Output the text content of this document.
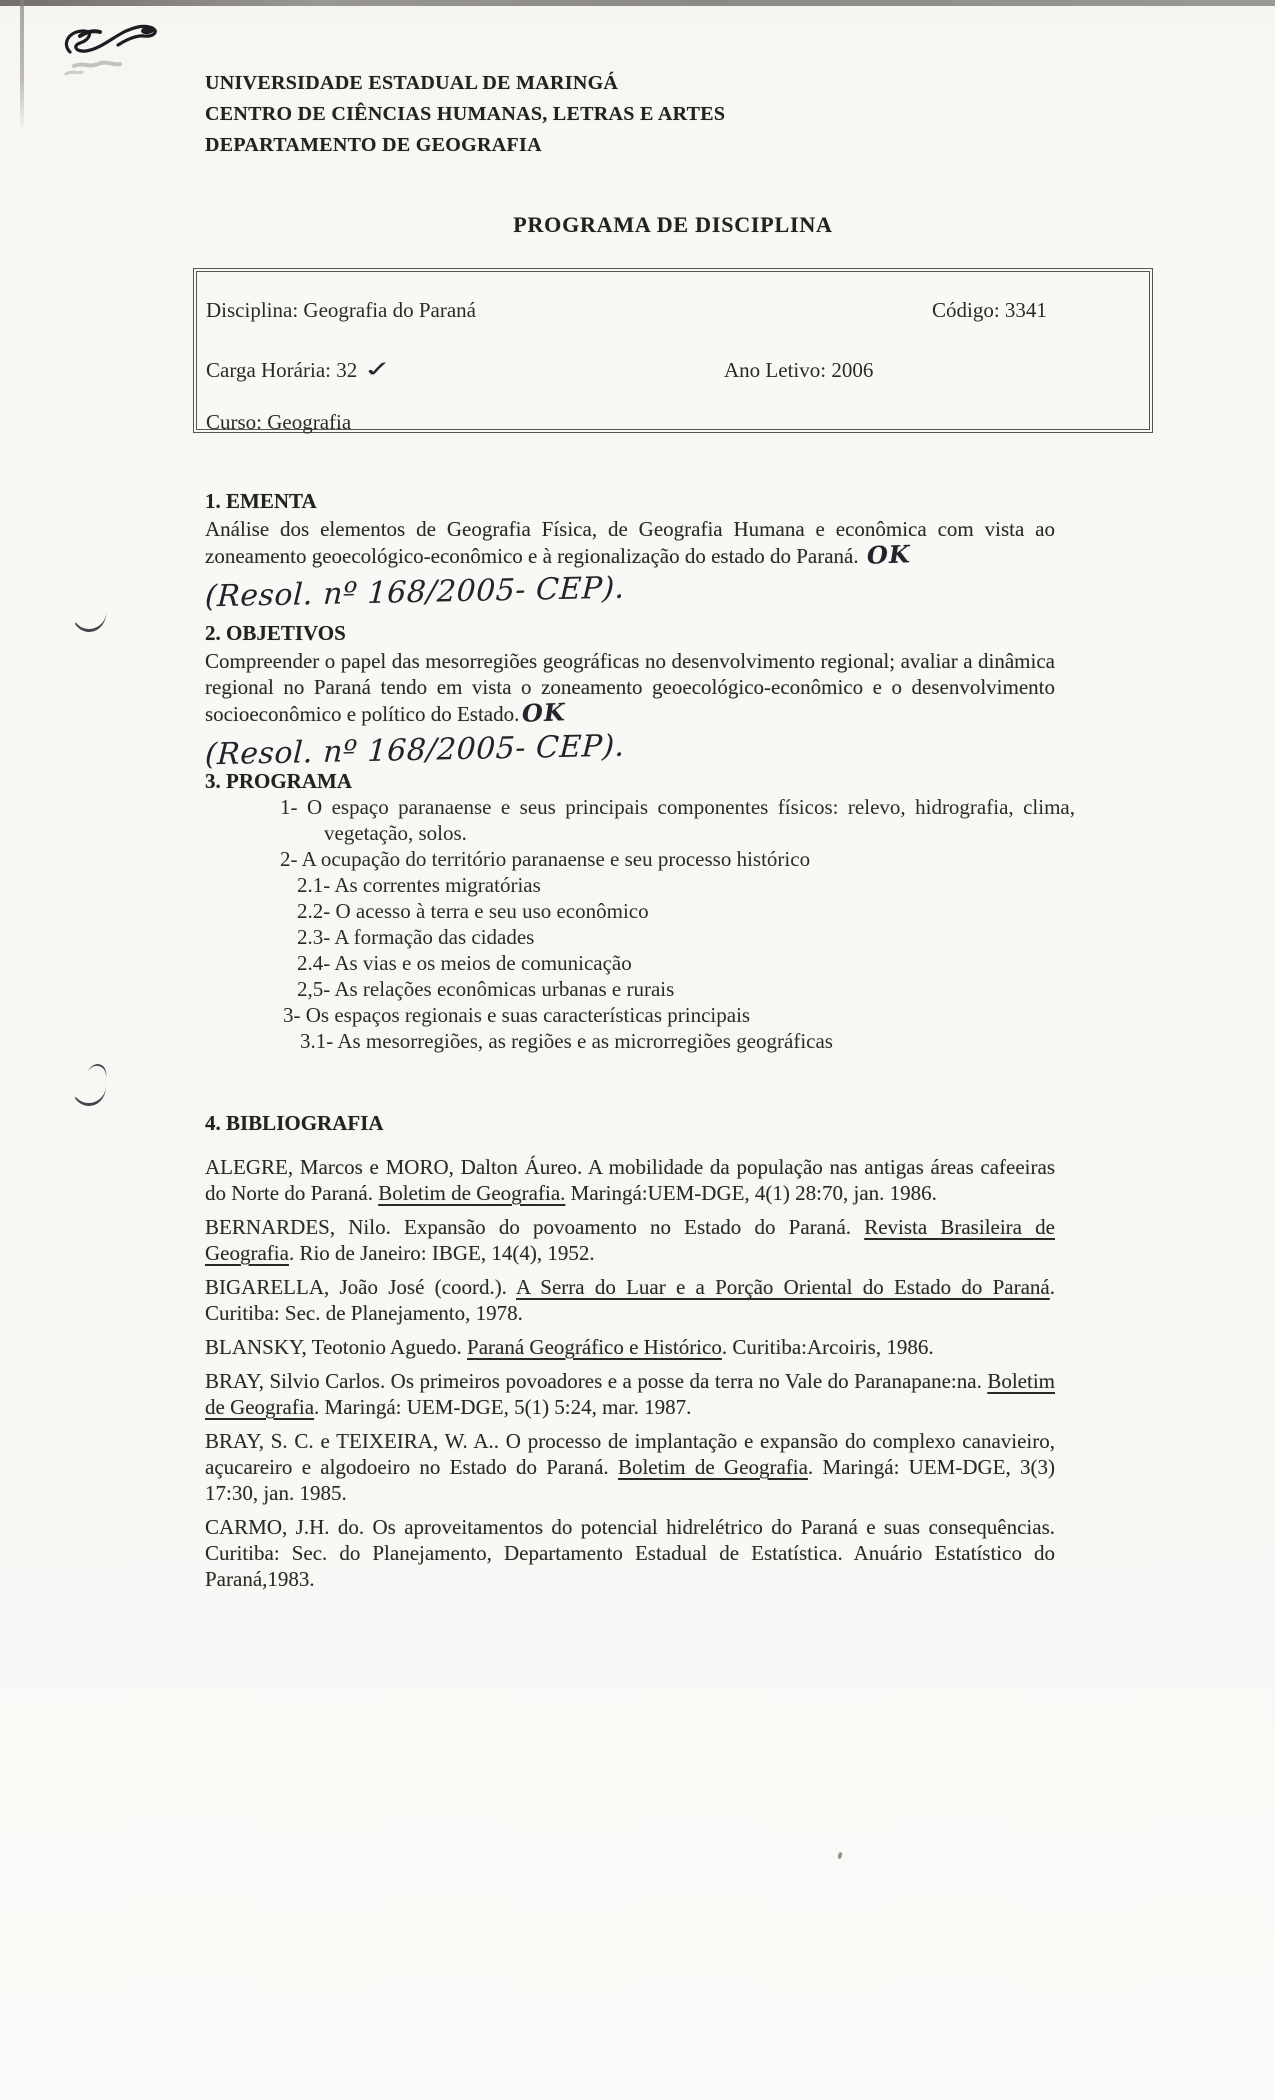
UNIVERSIDADE ESTADUAL DE MARINGÁ
CENTRO DE CIÊNCIAS HUMANAS, LETRAS E ARTES
DEPARTAMENTO DE GEOGRAFIA
PROGRAMA DE DISCIPLINA
Disciplina: Geografia do Paraná	Código: 3341
Carga Horária: 32 ✓	Ano Letivo: 2006
Curso: Geografia
1. EMENTA

Análise dos elementos de Geografia Física, de Geografia Humana e econômica com vista ao zoneamento geoecológico-econômico e à regionalização do estado do Paraná. OK

(Resol. nº 168/2005- CEP).
2. OBJETIVOS

Compreender o papel das mesorregiões geográficas no desenvolvimento regional; avaliar a dinâmica regional no Paraná tendo em vista o zoneamento geoecológico-econômico e o desenvolvimento socioeconômico e político do Estado. OK

(Resol. nº 168/2005- CEP).
3. PROGRAMA
1- O espaço paranaense e seus principais componentes físicos: relevo, hidrografia, clima, vegetação, solos.
2- A ocupação do território paranaense e seu processo histórico
2.1- As correntes migratórias
2.2- O acesso à terra e seu uso econômico
2.3- A formação das cidades
2.4- As vias e os meios de comunicação
2,5- As relações econômicas urbanas e rurais
3- Os espaços regionais e suas características principais
3.1- As mesorregiões, as regiões e as microrregiões geográficas
4. BIBLIOGRAFIA

ALEGRE, Marcos e MORO, Dalton Áureo. A mobilidade da população nas antigas áreas cafeeiras do Norte do Paraná. Boletim de Geografia. Maringá:UEM-DGE, 4(1) 28:70, jan. 1986.

BERNARDES, Nilo. Expansão do povoamento no Estado do Paraná. Revista Brasileira de Geografia. Rio de Janeiro: IBGE, 14(4), 1952.

BIGARELLA, João José (coord.). A Serra do Luar e a Porção Oriental do Estado do Paraná. Curitiba: Sec. de Planejamento, 1978.

BLANSKY, Teotonio Aguedo. Paraná Geográfico e Histórico. Curitiba:Arcoiris, 1986.

BRAY, Silvio Carlos. Os primeiros povoadores e a posse da terra no Vale do Paranapane:na. Boletim de Geografia. Maringá: UEM-DGE, 5(1) 5:24, mar. 1987.

BRAY, S. C. e TEIXEIRA, W. A.. O processo de implantação e expansão do complexo canavieiro, açucareiro e algodoeiro no Estado do Paraná. Boletim de Geografia. Maringá: UEM-DGE, 3(3) 17:30, jan. 1985.

CARMO, J.H. do. Os aproveitamentos do potencial hidrelétrico do Paraná e suas consequências. Curitiba: Sec. do Planejamento, Departamento Estadual de Estatística. Anuário Estatístico do Paraná,1983.
